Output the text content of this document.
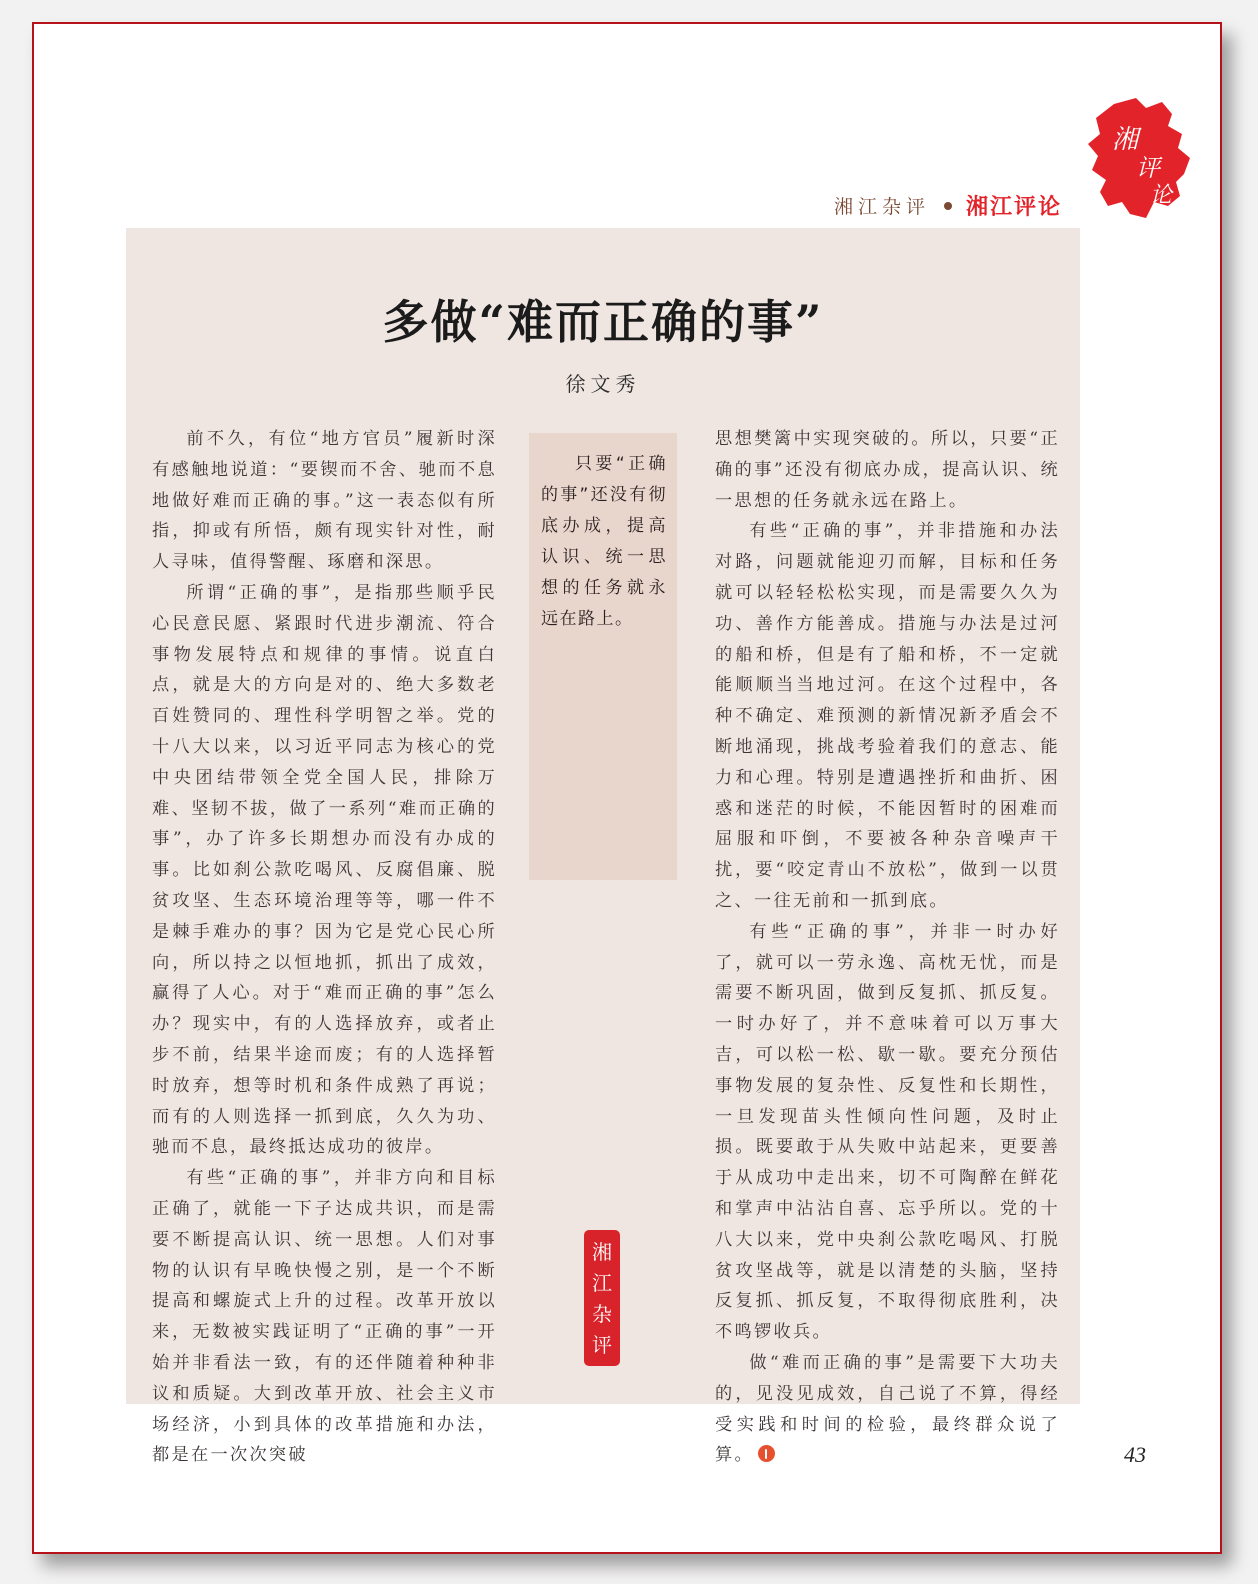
湘江杂评 湘江评论
湘
评
论
多做“难而正确的事”
徐文秀

前不久，有位“地方官员”履新时深有感触地说道：“要锲而不舍、驰而不息地做好难而正确的事。”这一表态似有所指，抑或有所悟，颇有现实针对性，耐人寻味，值得警醒、琢磨和深思。

所谓“正确的事”，是指那些顺乎民心民意民愿、紧跟时代进步潮流、符合事物发展特点和规律的事情。说直白点，就是大的方向是对的、绝大多数老百姓赞同的、理性科学明智之举。党的十八大以来，以习近平同志为核心的党中央团结带领全党全国人民，排除万难、坚韧不拔，做了一系列“难而正确的事”，办了许多长期想办而没有办成的事。比如刹公款吃喝风、反腐倡廉、脱贫攻坚、生态环境治理等等，哪一件不是棘手难办的事？因为它是党心民心所向，所以持之以恒地抓，抓出了成效，赢得了人心。对于“难而正确的事”怎么办？现实中，有的人选择放弃，或者止步不前，结果半途而废；有的人选择暂时放弃，想等时机和条件成熟了再说；而有的人则选择一抓到底，久久为功、驰而不息，最终抵达成功的彼岸。

有些“正确的事”，并非方向和目标正确了，就能一下子达成共识，而是需要不断提高认识、统一思想。人们对事物的认识有早晚快慢之别，是一个不断提高和螺旋式上升的过程。改革开放以来，无数被实践证明了“正确的事”一开始并非看法一致，有的还伴随着种种非议和质疑。大到改革开放、社会主义市场经济，小到具体的改革措施和办法，都是在一次次突破

只要“正确的事”还没有彻底办成，提高认识、统一思想的任务就永远在路上。
湘
江
杂
评

思想樊篱中实现突破的。所以，只要“正确的事”还没有彻底办成，提高认识、统一思想的任务就永远在路上。

有些“正确的事”，并非措施和办法对路，问题就能迎刃而解，目标和任务就可以轻轻松松实现，而是需要久久为功、善作方能善成。措施与办法是过河的船和桥，但是有了船和桥，不一定就能顺顺当当地过河。在这个过程中，各种不确定、难预测的新情况新矛盾会不断地涌现，挑战考验着我们的意志、能力和心理。特别是遭遇挫折和曲折、困惑和迷茫的时候，不能因暂时的困难而屈服和吓倒，不要被各种杂音噪声干扰，要“咬定青山不放松”，做到一以贯之、一往无前和一抓到底。

有些“正确的事”，并非一时办好了，就可以一劳永逸、高枕无忧，而是需要不断巩固，做到反复抓、抓反复。一时办好了，并不意味着可以万事大吉，可以松一松、歇一歇。要充分预估事物发展的复杂性、反复性和长期性，一旦发现苗头性倾向性问题，及时止损。既要敢于从失败中站起来，更要善于从成功中走出来，切不可陶醉在鲜花和掌声中沾沾自喜、忘乎所以。党的十八大以来，党中央刹公款吃喝风、打脱贫攻坚战等，就是以清楚的头脑，坚持反复抓、抓反复，不取得彻底胜利，决不鸣锣收兵。

做“难而正确的事”是需要下大功夫的，见没见成效，自己说了不算，得经受实践和时间的检验，最终群众说了算。	43
